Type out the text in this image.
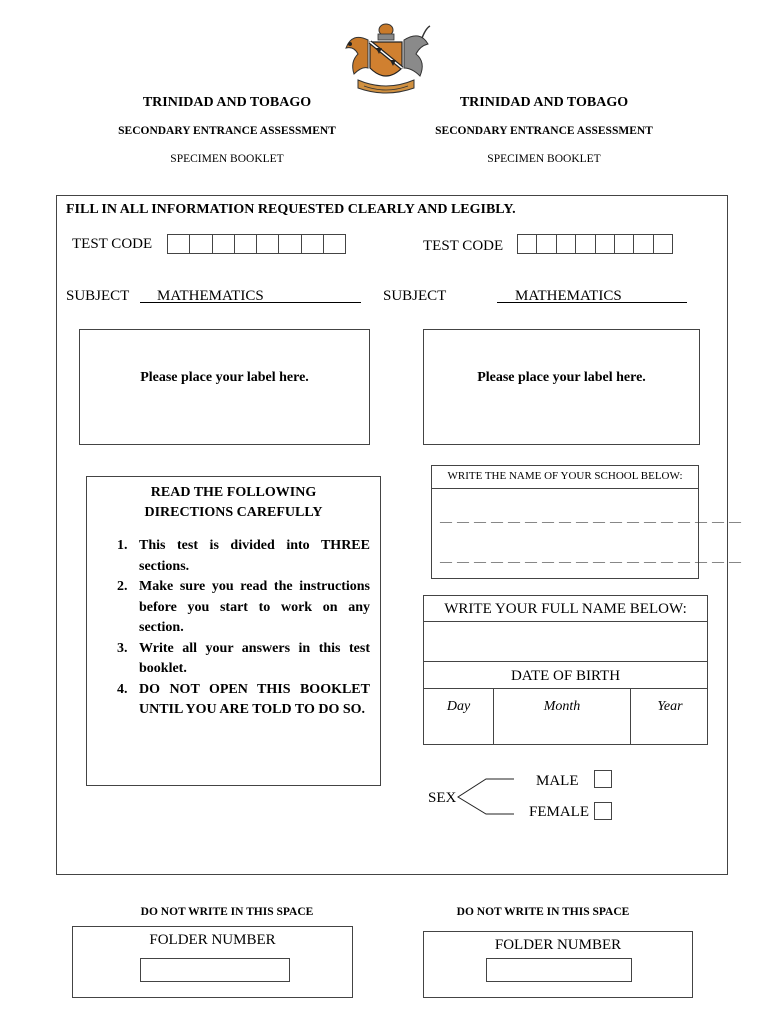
TRINIDAD AND TOBAGO
SECONDARY ENTRANCE ASSESSMENT
SPECIMEN BOOKLET
TRINIDAD AND TOBAGO
SECONDARY ENTRANCE ASSESSMENT
SPECIMEN BOOKLET
FILL IN ALL INFORMATION REQUESTED CLEARLY AND LEGIBLY.
TEST CODE	TEST CODE
SUBJECT MATHEMATICS	SUBJECT	MATHEMATICS
Please place your label here.	Please place your label here.
READ THE FOLLOWING
DIRECTIONS CAREFULLY
1. This test is divided into THREE sections.
2. Make sure you read the instructions before you start to work on any section.
3. Write all your answers in this test booklet.
4. DO NOT OPEN THIS BOOKLET UNTIL YOU ARE TOLD TO DO SO.
WRITE THE NAME OF YOUR SCHOOL BELOW:
— — — — — — — — — — — — — — — — — —
— — — — — — — — — — — — — — — — — —
WRITE YOUR FULL NAME BELOW:
DATE OF BIRTH
Day	Month	Year
SEX
MALE
FEMALE
DO NOT WRITE IN THIS SPACE
FOLDER NUMBER
DO NOT WRITE IN THIS SPACE
FOLDER NUMBER
